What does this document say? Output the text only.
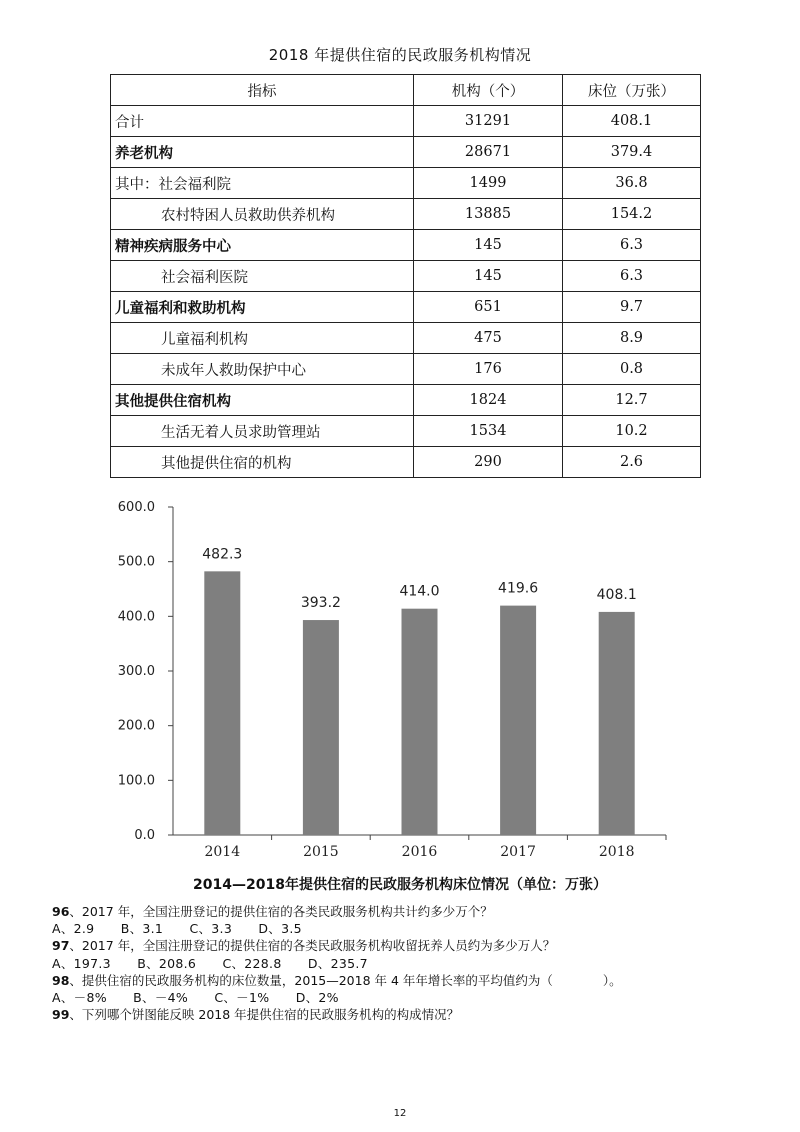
2018 年提供住宿的民政服务机构情况
指标	机构（个）	床位（万张）
合计	31291	408.1
养老机构	28671	379.4
其中：社会福利院	1499	36.8
农村特困人员救助供养机构	13885	154.2
精神疾病服务中心	145	6.3
社会福利医院	145	6.3
儿童福利和救助机构	651	9.7
儿童福利机构	475	8.9
未成年人救助保护中心	176	0.8
其他提供住宿机构	1824	12.7
生活无着人员求助管理站	1534	10.2
其他提供住宿的机构	290	2.6
0.0
100.0
200.0
300.0
400.0
500.0
600.0
482.3
2014
393.2
2015
414.0
2016
419.6
2017
408.1
2018
2014—2018年提供住宿的民政服务机构床位情况（单位：万张）

96、2017 年，全国注册登记的提供住宿的各类民政服务机构共计约多少万个？

A、2.9 B、3.1 C、3.3 D、3.5

97、2017 年，全国注册登记的提供住宿的各类民政服务机构收留抚养人员约为多少万人？

A、197.3 B、208.6 C、228.8 D、235.7

98、提供住宿的民政服务机构的床位数量，2015—2018 年 4 年年增长率的平均值约为（　　　　）。

A、－8% B、－4% C、－1% D、2%

99、下列哪个饼图能反映 2018 年提供住宿的民政服务机构的构成情况？

12
